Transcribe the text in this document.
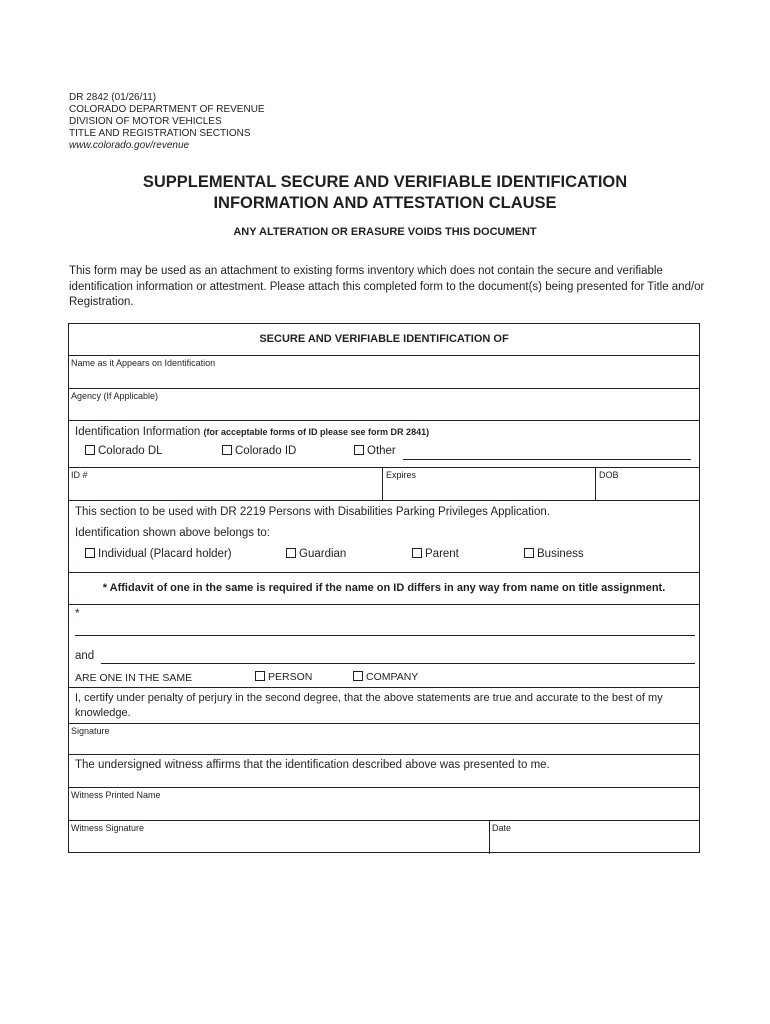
DR 2842 (01/26/11)
COLORADO DEPARTMENT OF REVENUE
DIVISION OF MOTOR VEHICLES
TITLE AND REGISTRATION SECTIONS
www.colorado.gov/revenue
SUPPLEMENTAL SECURE AND VERIFIABLE IDENTIFICATION
INFORMATION AND ATTESTATION CLAUSE
ANY ALTERATION OR ERASURE VOIDS THIS DOCUMENT
This form may be used as an attachment to existing forms inventory which does not contain the secure and verifiable identification information or attestment. Please attach this completed form to the document(s) being presented for Title and/or Registration.
SECURE AND VERIFIABLE IDENTIFICATION OF
Name as it Appears on Identification
Agency (If Applicable)
Identification Information (for acceptable forms of ID please see form DR 2841)
Colorado DL	Colorado ID	Other
ID #	Expires	DOB
This section to be used with DR 2219 Persons with Disabilities Parking Privileges Application.
Identification shown above belongs to:
Individual (Placard holder)	Guardian	Parent	Business
* Affidavit of one in the same is required if the name on ID differs in any way from name on title assignment.
*
and
ARE ONE IN THE SAME	PERSON	COMPANY
I, certify under penalty of perjury in the second degree, that the above statements are true and accurate to the best of my knowledge.
Signature
The undersigned witness affirms that the identification described above was presented to me.
Witness Printed Name
Witness Signature	Date
